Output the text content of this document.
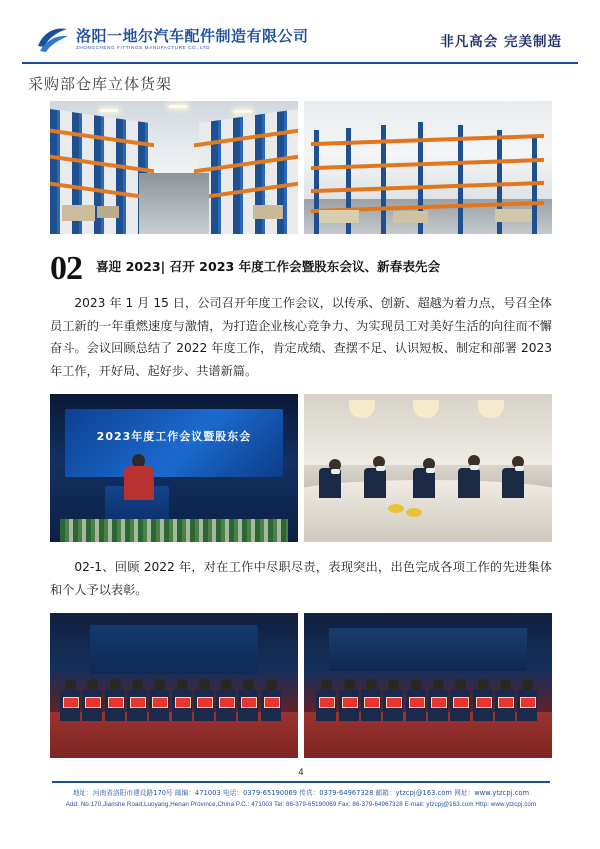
洛阳一地尔汽车配件制造有限公司
ZHONGCHENG FITTINGS MANUFACTURE CO.,LTD	非凡高会 完美制造
采购部仓库立体货架
02	喜迎 2023| 召开 2023 年度工作会暨股东会议、新春表先会
2023 年 1 月 15 日，公司召开年度工作会议，以传承、创新、超越为着力点，号召全体员工新的一年重燃速度与激情，为打造企业核心竞争力、为实现员工对美好生活的向往而不懈奋斗。会议回顾总结了 2022 年度工作，肯定成绩、查摆不足、认识短板、制定和部署 2023 年工作，开好局、起好步、共谱新篇。
2023年度工作会议暨股东会
02-1、回顾 2022 年，对在工作中尽职尽责，表现突出，出色完成各项工作的先进集体和个人予以表彰。
4
地址：河南省洛阳市建设路170号 邮编：471003 电话：0379-65190069 传真：0379-64967328 邮箱：ytzcpj@163.com 网址：www.ytzcpj.com
Add: No.170,Jianshe Road,Luoyang,Henan Province,China P.C.: 471003 Tel: 86-379-65190069 Fax: 86-379-64967328 E-mail: ytzcpj@163.com Http: www.ytzcpj.com
